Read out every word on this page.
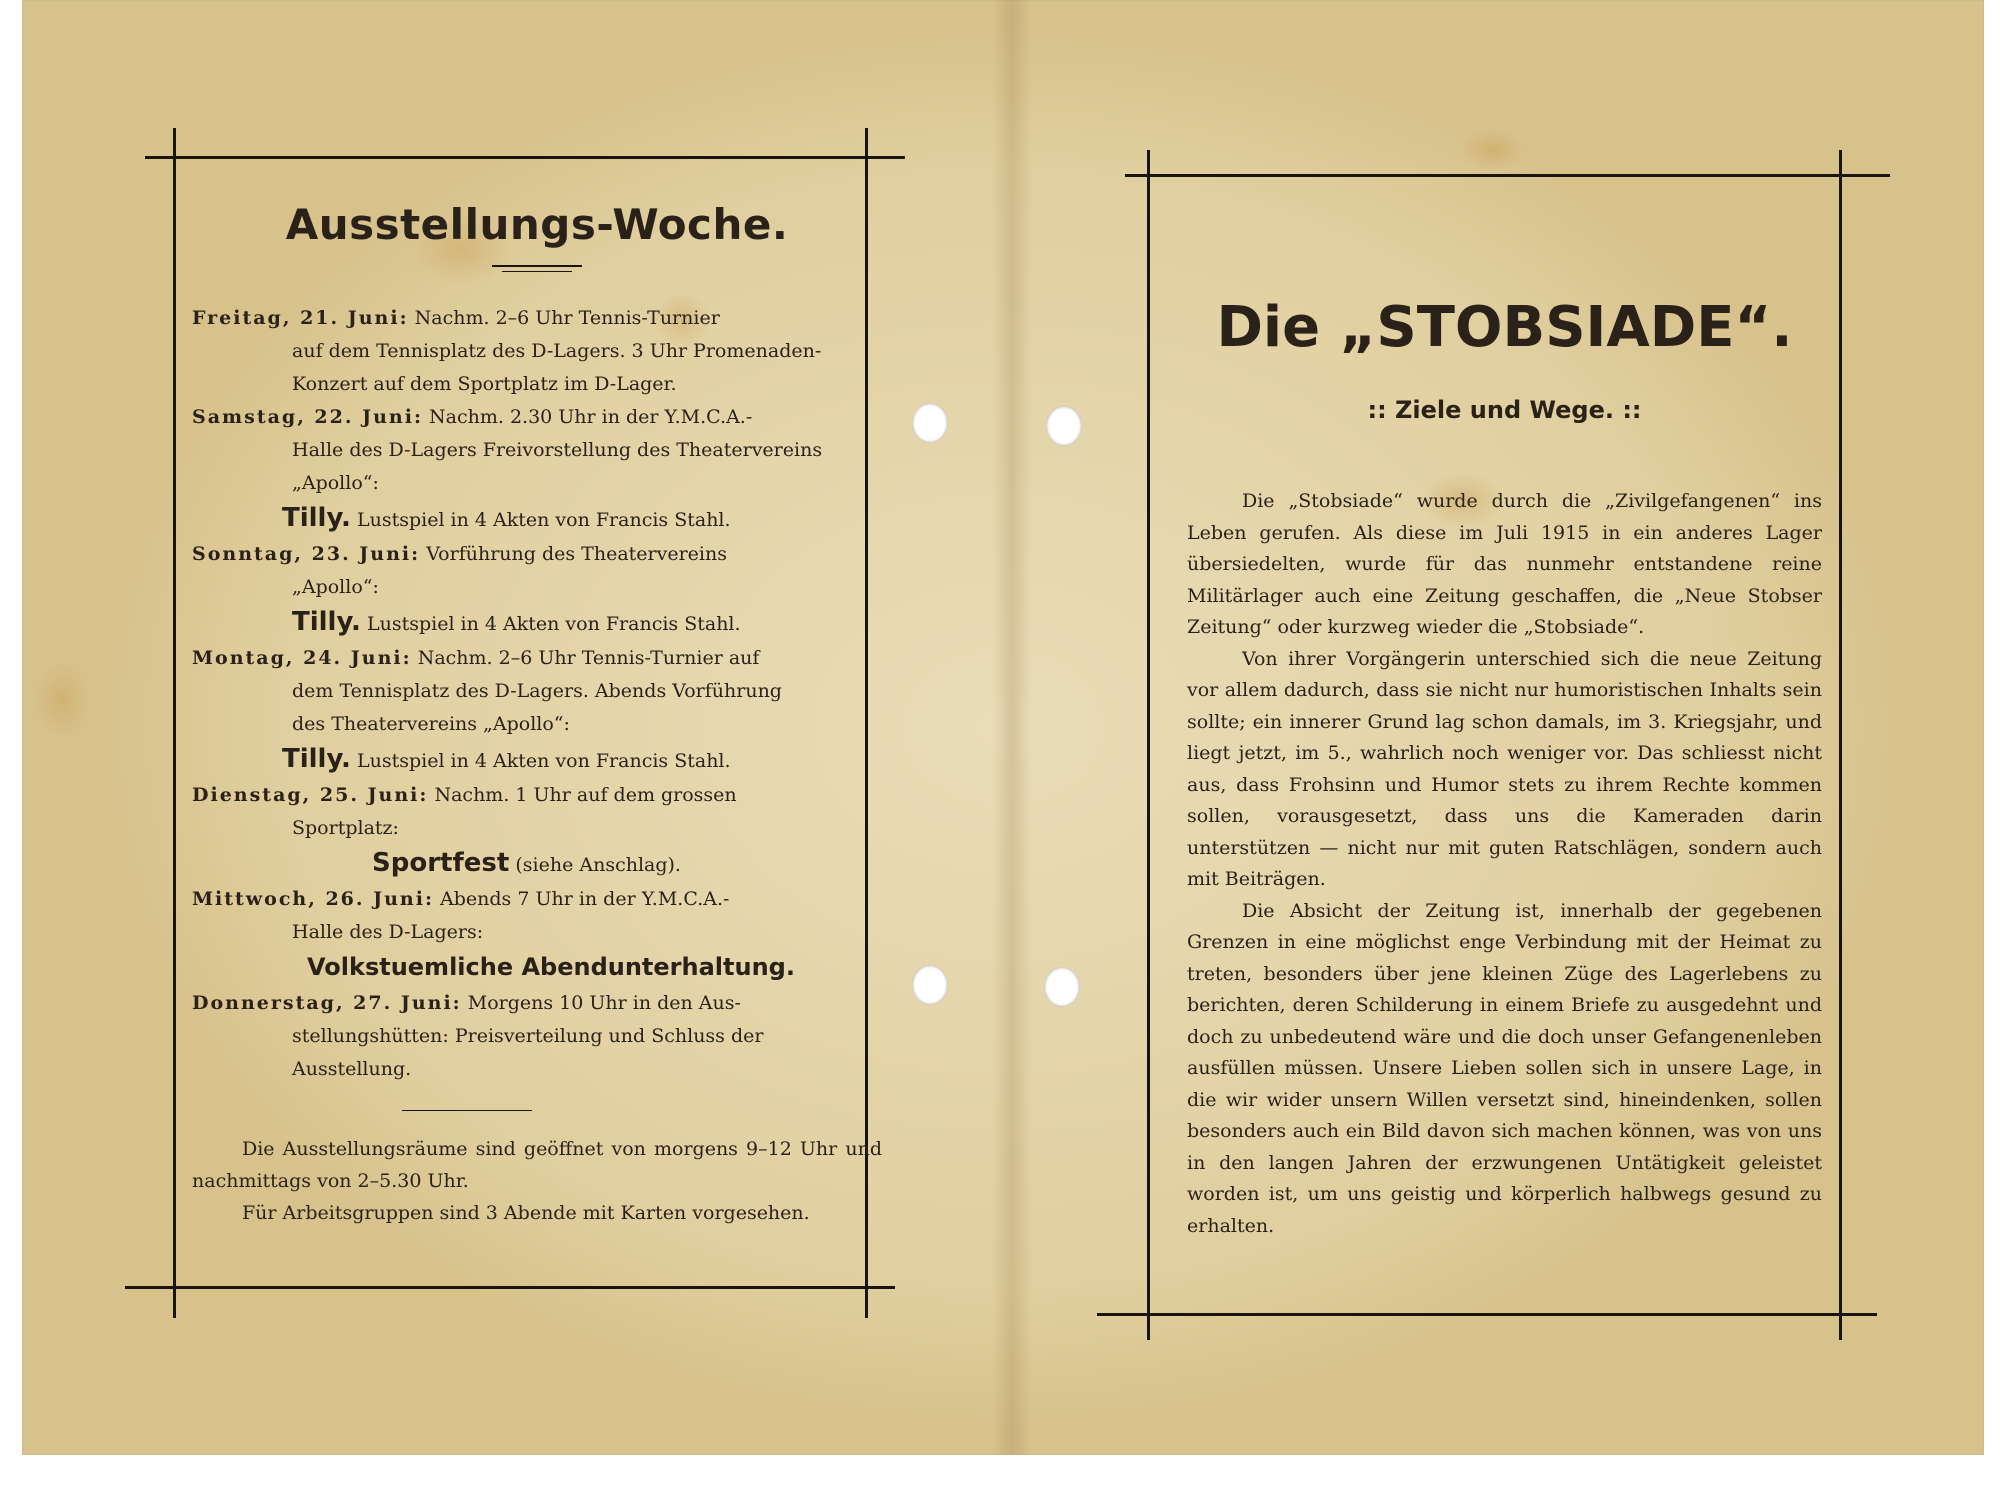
Ausstellungs-Woche.
Freitag, 21. Juni: Nachm. 2–6 Uhr Tennis-Turnier
auf dem Tennisplatz des D-Lagers. 3 Uhr Promenaden-
Konzert auf dem Sportplatz im D-Lager.
Samstag, 22. Juni: Nachm. 2.30 Uhr in der Y.M.C.A.-
Halle des D-Lagers Freivorstellung des Theatervereins
„Apollo“:
Tilly. Lustspiel in 4 Akten von Francis Stahl.
Sonntag, 23. Juni: Vorführung des Theatervereins
„Apollo“:
Tilly. Lustspiel in 4 Akten von Francis Stahl.
Montag, 24. Juni: Nachm. 2–6 Uhr Tennis-Turnier auf
dem Tennisplatz des D-Lagers. Abends Vorführung
des Theatervereins „Apollo“:
Tilly. Lustspiel in 4 Akten von Francis Stahl.
Dienstag, 25. Juni: Nachm. 1 Uhr auf dem grossen
Sportplatz:
Sportfest (siehe Anschlag).
Mittwoch, 26. Juni: Abends 7 Uhr in der Y.M.C.A.-
Halle des D-Lagers:
Volkstuemliche Abendunterhaltung.
Donnerstag, 27. Juni: Morgens 10 Uhr in den Aus-
stellungshütten: Preisverteilung und Schluss der
Ausstellung.

Die Ausstellungsräume sind geöffnet von morgens 9–12 Uhr und nachmittags von 2–5.30 Uhr.

Für Arbeitsgruppen sind 3 Abende mit Karten vorgesehen.

Die „STOBSIADE“.
:: Ziele und Wege. ::

Die „Stobsiade“ wurde durch die „Zivilgefangenen“ ins Leben gerufen. Als diese im Juli 1915 in ein anderes Lager übersiedelten, wurde für das nunmehr entstandene reine Militärlager auch eine Zeitung geschaffen, die „Neue Stobser Zeitung“ oder kurzweg wieder die „Stobsiade“.

Von ihrer Vorgängerin unterschied sich die neue Zeitung vor allem dadurch, dass sie nicht nur humoristischen Inhalts sein sollte; ein innerer Grund lag schon damals, im 3. Kriegsjahr, und liegt jetzt, im 5., wahrlich noch weniger vor. Das schliesst nicht aus, dass Frohsinn und Humor stets zu ihrem Rechte kommen sollen, vorausgesetzt, dass uns die Kameraden darin unterstützen — nicht nur mit guten Ratschlägen, sondern auch mit Beiträgen.

Die Absicht der Zeitung ist, innerhalb der gegebenen Grenzen in eine möglichst enge Verbindung mit der Heimat zu treten, besonders über jene kleinen Züge des Lagerlebens zu berichten, deren Schilderung in einem Briefe zu ausgedehnt und doch zu unbedeutend wäre und die doch unser Gefangenenleben ausfüllen müssen. Unsere Lieben sollen sich in unsere Lage, in die wir wider unsern Willen versetzt sind, hineindenken, sollen besonders auch ein Bild davon sich machen können, was von uns in den langen Jahren der erzwungenen Untätigkeit geleistet worden ist, um uns geistig und körperlich halbwegs gesund zu erhalten.
